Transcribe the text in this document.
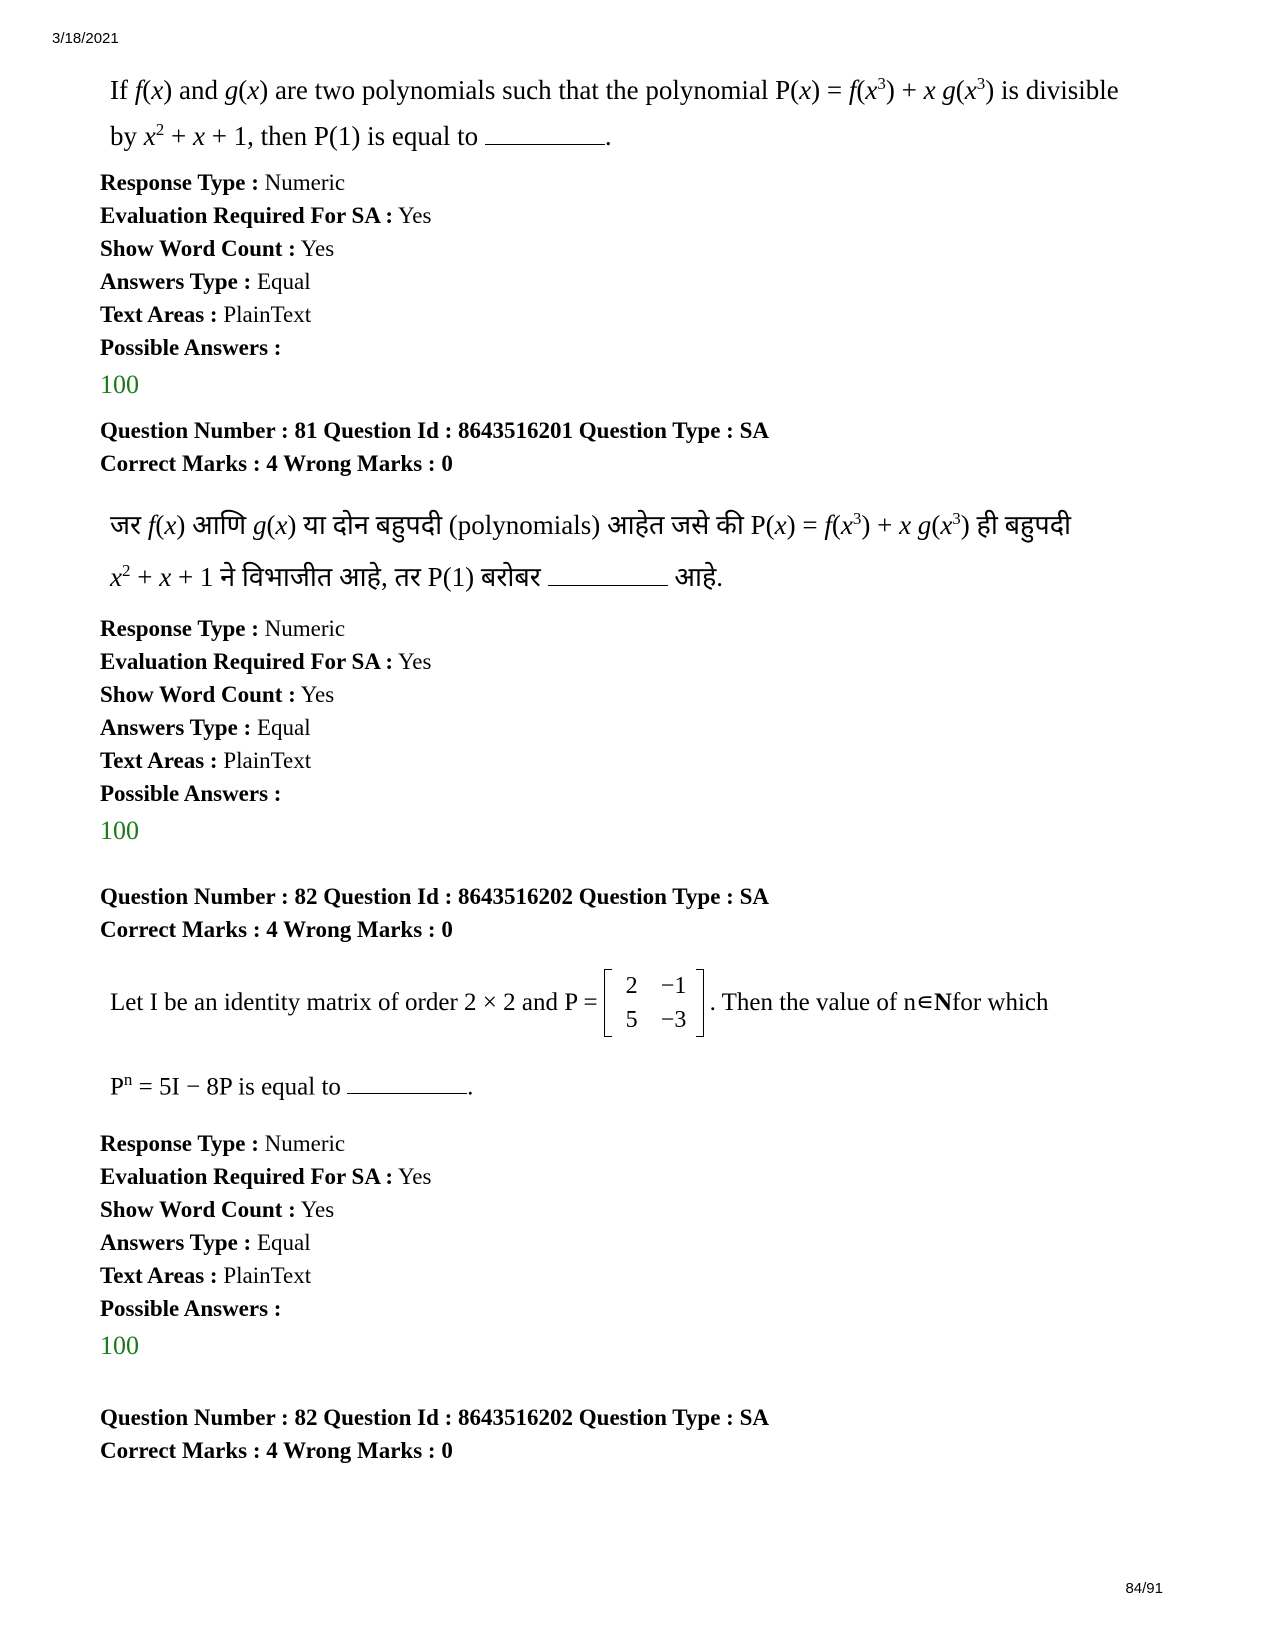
3/18/2021
If f(x) and g(x) are two polynomials such that the polynomial $P(x) = f(x^3) + x$ $g(x^3)$ is divisible
by $x^2 + x + 1$, then P(1) is equal to	.
Response Type : Numeric
Evaluation Required For SA : Yes
Show Word Count : Yes
Answers Type : Equal
Text Areas : PlainText
Possible Answers :
100
Question Number : 81 Question Id : 8643516201 Question Type : SA
Correct Marks : 4 Wrong Marks : 0
जर f(x) आणि g(x) या दोन बहुपदी (polynomials) आहेत जसे की $P(x) = f(x^3) + x$ $g(x^3)$ ही बहुपदी
$x^2 + x + 1$ ने विभाजीत आहे, तर P(1) बरोबर	आहे.
Response Type : Numeric
Evaluation Required For SA : Yes
Show Word Count : Yes
Answers Type : Equal
Text Areas : PlainText
Possible Answers :
100
Question Number : 82 Question Id : 8643516202 Question Type : SA
Correct Marks : 4 Wrong Marks : 0
Let I be an identity matrix of order 2 × 2 and P =
2 −1
5 −3
. Then the value of n∊ N for which
$P^n = 5I - 8P$ is equal to	.
Response Type : Numeric
Evaluation Required For SA : Yes
Show Word Count : Yes
Answers Type : Equal
Text Areas : PlainText
Possible Answers :
100
Question Number : 82 Question Id : 8643516202 Question Type : SA
Correct Marks : 4 Wrong Marks : 0
84/91
